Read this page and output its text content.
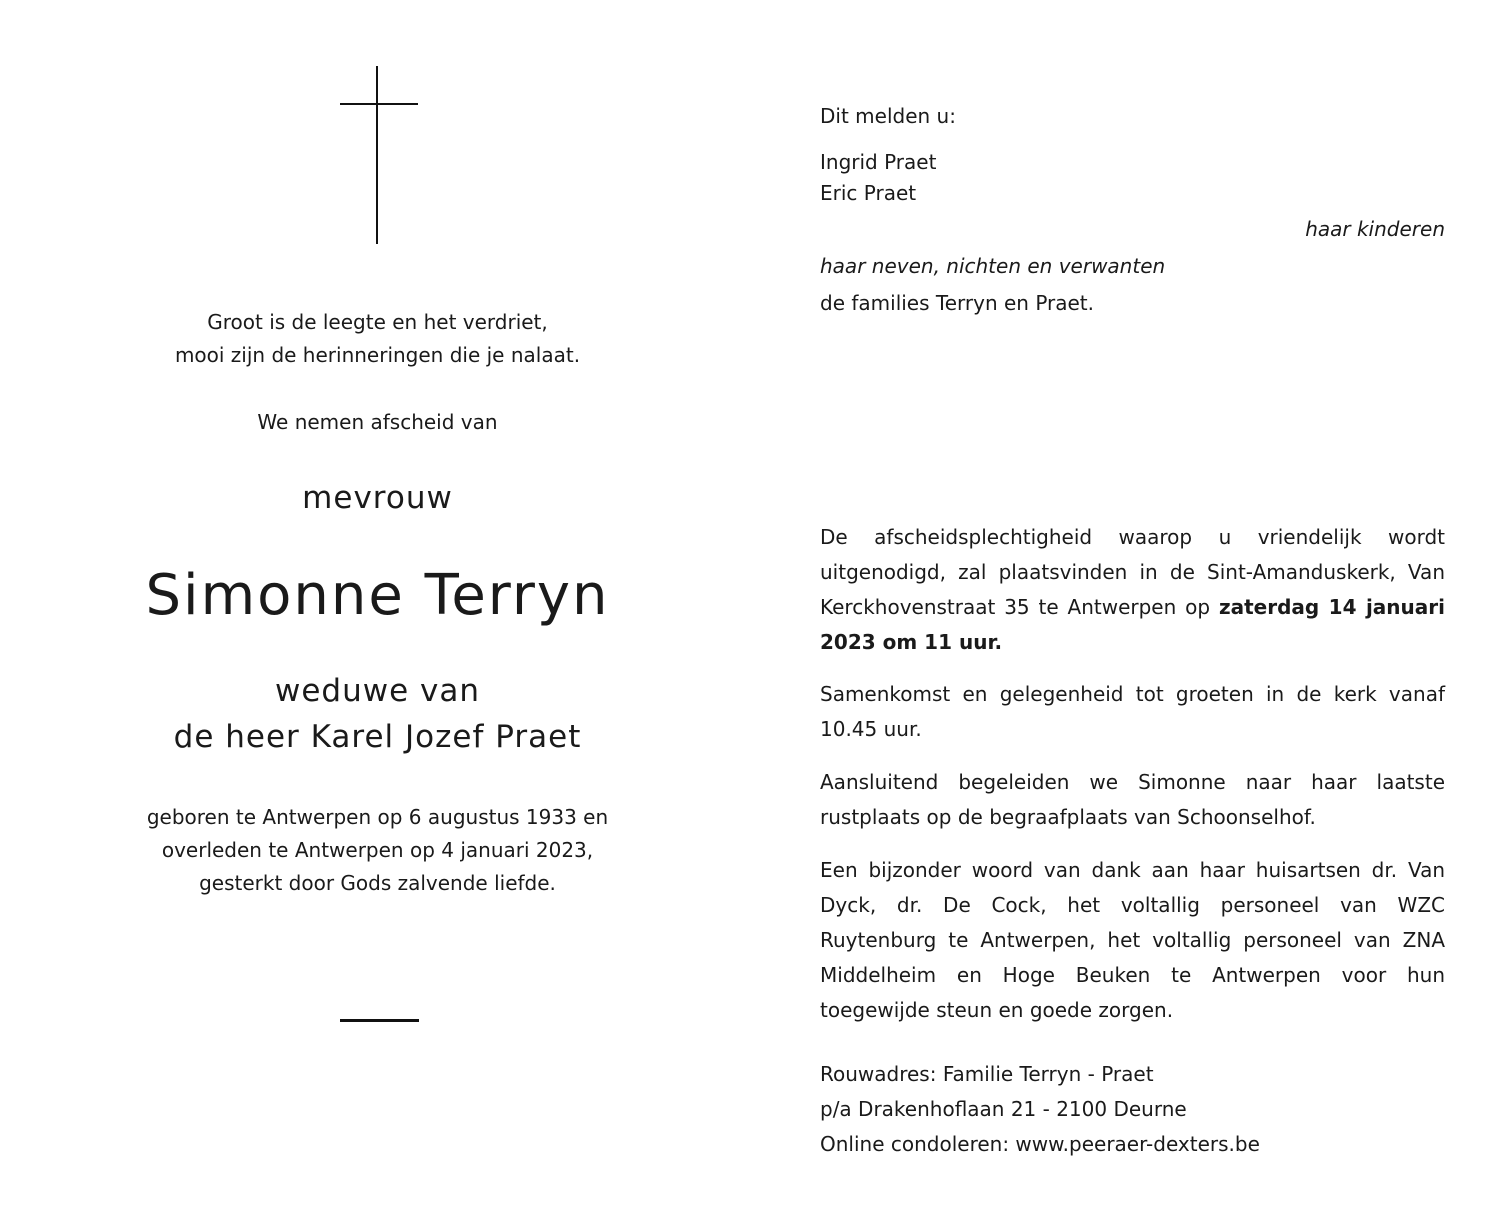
Groot is de leegte en het verdriet,
mooi zijn de herinneringen die je nalaat.
We nemen afscheid van
mevrouw
Simonne Terryn
weduwe van
de heer Karel Jozef Praet
geboren te Antwerpen op 6 augustus 1933 en
overleden te Antwerpen op 4 januari 2023,
gesterkt door Gods zalvende liefde.
Dit melden u:
Ingrid Praet
Eric Praet
haar kinderen
haar neven, nichten en verwanten
de families Terryn en Praet.
De afscheidsplechtigheid waarop u vriendelijk wordt uitgenodigd, zal plaatsvinden in de Sint-Amanduskerk, Van Kerckhovenstraat 35 te Antwerpen op zaterdag 14 januari 2023 om 11 uur.
Samenkomst en gelegenheid tot groeten in de kerk vanaf 10.45 uur.
Aansluitend begeleiden we Simonne naar haar laatste rustplaats op de begraafplaats van Schoonselhof.
Een bijzonder woord van dank aan haar huisartsen dr. Van Dyck, dr. De Cock, het voltallig personeel van WZC Ruytenburg te Antwerpen, het voltallig personeel van ZNA Middelheim en Hoge Beuken te Antwerpen voor hun toegewijde steun en goede zorgen.
Rouwadres: Familie Terryn - Praet
p/a Drakenhoflaan 21 - 2100 Deurne
Online condoleren: www.peeraer-dexters.be
